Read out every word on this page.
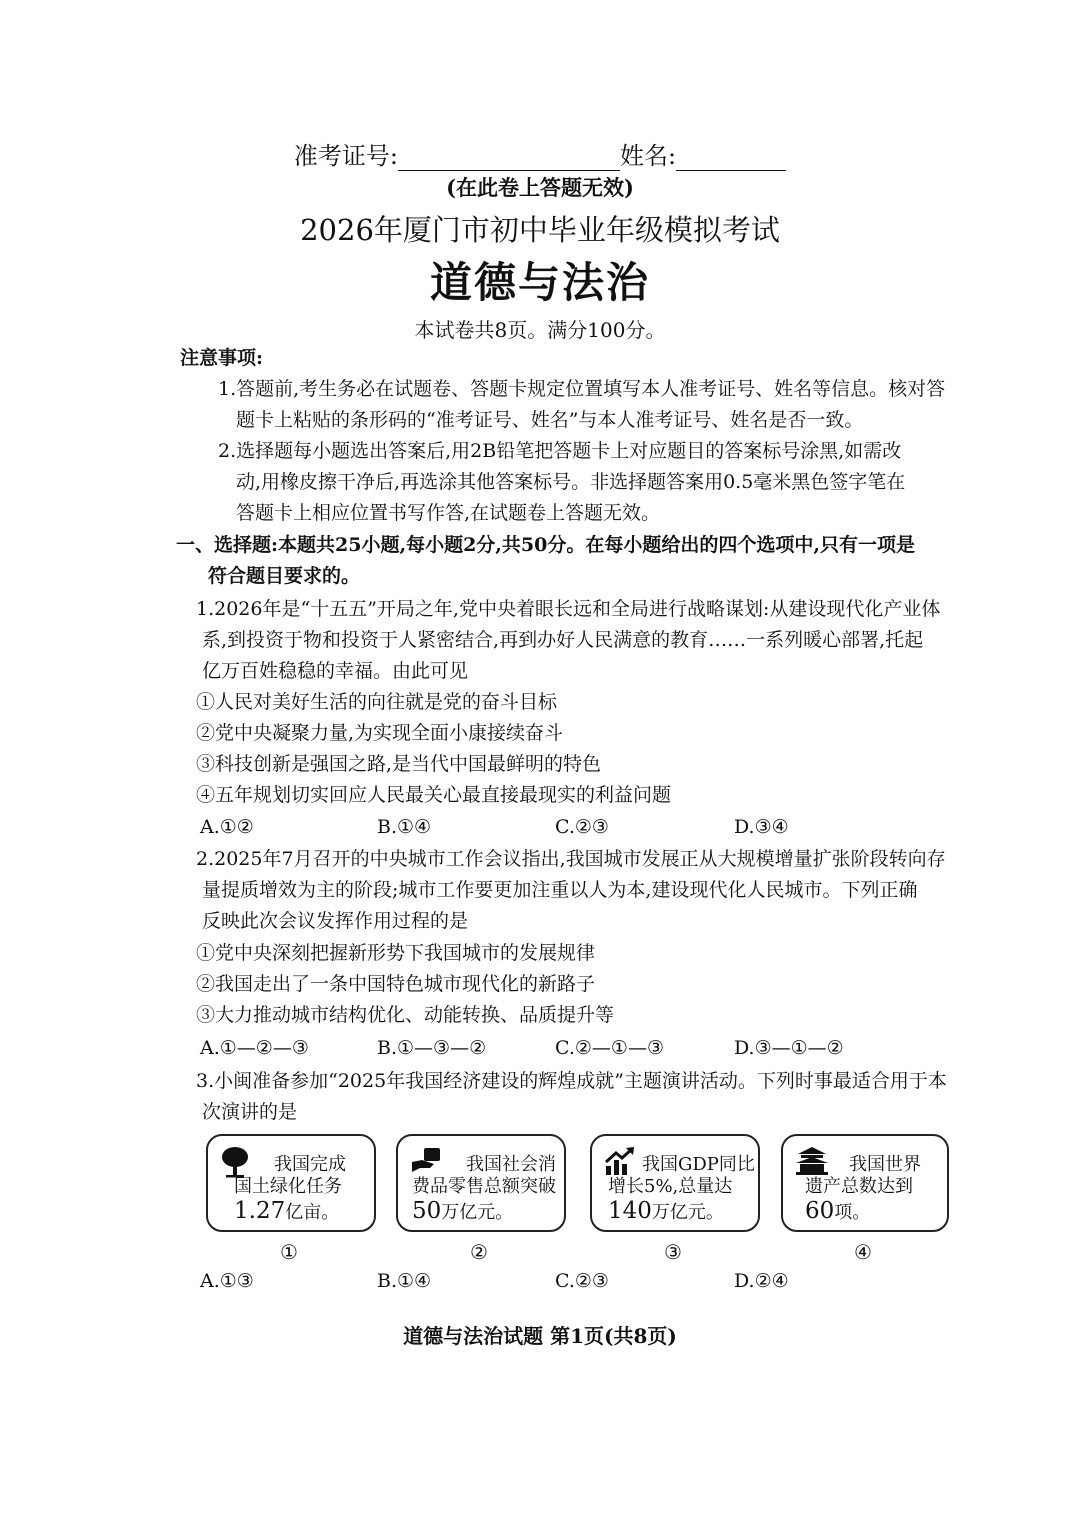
准考证号:	姓名:
(在此卷上答题无效)
2026年厦门市初中毕业年级模拟考试
道德与法治
本试卷共8页。满分100分。
注意事项:
1.答题前,考生务必在试题卷、答题卡规定位置填写本人准考证号、姓名等信息。核对答
题卡上粘贴的条形码的“准考证号、姓名”与本人准考证号、姓名是否一致。
2.选择题每小题选出答案后,用2B铅笔把答题卡上对应题目的答案标号涂黑,如需改
动,用橡皮擦干净后,再选涂其他答案标号。非选择题答案用0.5毫米黑色签字笔在
答题卡上相应位置书写作答,在试题卷上答题无效。
一、选择题:本题共25小题,每小题2分,共50分。在每小题给出的四个选项中,只有一项是
符合题目要求的。
1.2026年是“十五五”开局之年,党中央着眼长远和全局进行战略谋划:从建设现代化产业体
系,到投资于物和投资于人紧密结合,再到办好人民满意的教育……一系列暖心部署,托起
亿万百姓稳稳的幸福。由此可见
①人民对美好生活的向往就是党的奋斗目标
②党中央凝聚力量,为实现全面小康接续奋斗
③科技创新是强国之路,是当代中国最鲜明的特色
④五年规划切实回应人民最关心最直接最现实的利益问题
A.①②	B.①④	C.②③	D.③④
2.2025年7月召开的中央城市工作会议指出,我国城市发展正从大规模增量扩张阶段转向存
量提质增效为主的阶段;城市工作要更加注重以人为本,建设现代化人民城市。下列正确
反映此次会议发挥作用过程的是
①党中央深刻把握新形势下我国城市的发展规律
②我国走出了一条中国特色城市现代化的新路子
③大力推动城市结构优化、动能转换、品质提升等
A.①—②—③	B.①—③—②	C.②—①—③	D.③—①—②
3.小闽准备参加“2025年我国经济建设的辉煌成就”主题演讲活动。下列时事最适合用于本
次演讲的是
我国完成
国土绿化任务
1.27亿亩。
我国社会消
费品零售总额突破
50万亿元。
我国GDP同比
增长5%,总量达
140万亿元。
我国世界
遗产总数达到
60项。
①	②	③	④
A.①③	B.①④	C.②③	D.②④
道德与法治试题 第1页(共8页)
